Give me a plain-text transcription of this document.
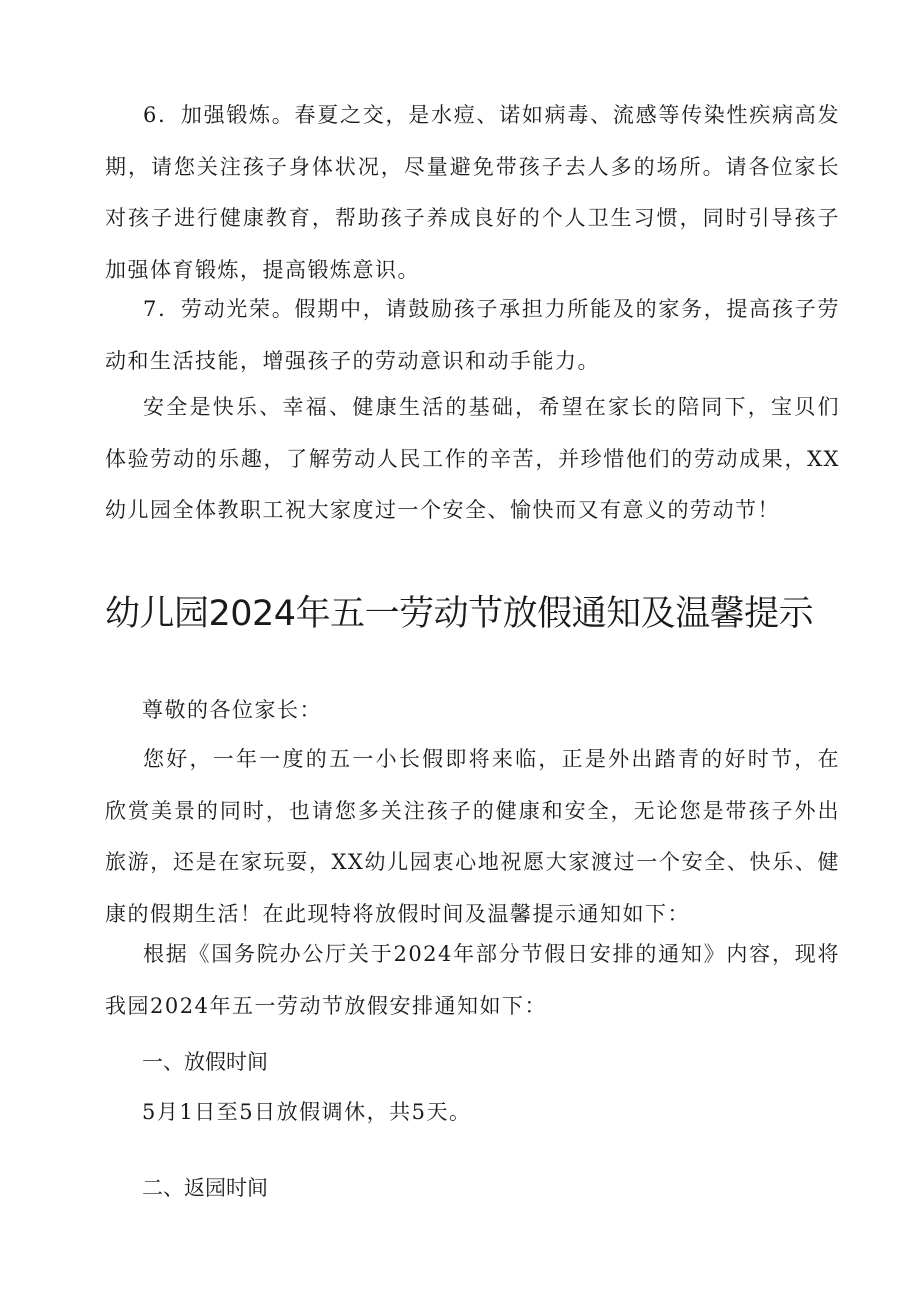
6．加强锻炼。春夏之交，是水痘、诺如病毒、流感等传染性疾病高发期，请您关注孩子身体状况，尽量避免带孩子去人多的场所。请各位家长对孩子进行健康教育，帮助孩子养成良好的个人卫生习惯，同时引导孩子加强体育锻炼，提高锻炼意识。

7．劳动光荣。假期中，请鼓励孩子承担力所能及的家务，提高孩子劳动和生活技能，增强孩子的劳动意识和动手能力。

安全是快乐、幸福、健康生活的基础，希望在家长的陪同下，宝贝们体验劳动的乐趣，了解劳动人民工作的辛苦，并珍惜他们的劳动成果，XX幼儿园全体教职工祝大家度过一个安全、愉快而又有意义的劳动节！

幼儿园2024年五一劳动节放假通知及温馨提示

尊敬的各位家长：

您好，一年一度的五一小长假即将来临，正是外出踏青的好时节，在欣赏美景的同时，也请您多关注孩子的健康和安全，无论您是带孩子外出旅游，还是在家玩耍，XX幼儿园衷心地祝愿大家渡过一个安全、快乐、健康的假期生活！在此现特将放假时间及温馨提示通知如下：

根据《国务院办公厅关于2024年部分节假日安排的通知》内容，现将我园2024年五一劳动节放假安排通知如下：

一、放假时间

5月1日至5日放假调休，共5天。

二、返园时间
